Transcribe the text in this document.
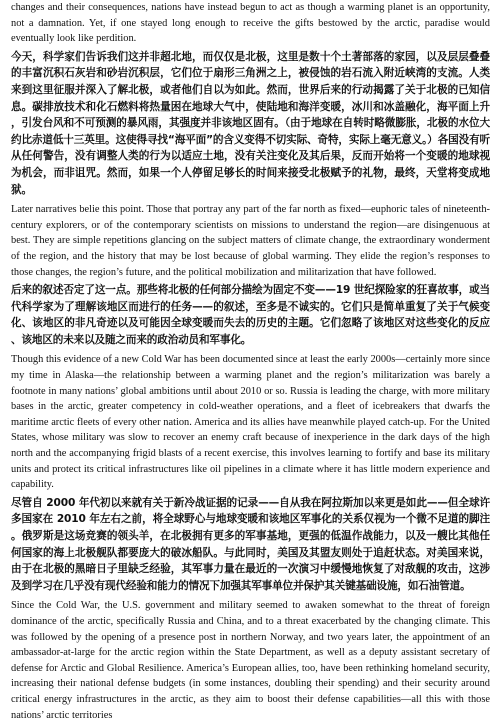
changes and their consequences, nations have instead begun to act as though a warming planet is an opportunity, not a damnation. Yet, if one stayed long enough to receive the gifts bestowed by the arctic, paradise would eventually look like perdition.

今天，科学家们告诉我们这并非超北地，而仅仅是北极，这里是数十个土著部落的家园，以及层层叠叠的丰富沉积石灰岩和砂岩沉积层，它们位于扇形三角洲之上，被侵蚀的岩石流入附近峡湾的支流。人类来到这里征服并深入了解北极，或者他们自以为如此。然而，世界后来的行动揭露了关于北极的已知信息。碳排放技术和化石燃料将热量困在地球大气中，使陆地和海洋变暖，冰川和冰盖融化，海平面上升，引发台风和不可预测的暴风雨，其强度并非该地区固有。（由于地球在自转时略微膨胀，北极的水位大约比赤道低十三英里。这使得寻找“海平面”的含义变得不切实际、奇特，实际上毫无意义。）各国没有听从任何警告，没有调整人类的行为以适应土地，没有关注变化及其后果，反而开始将一个变暖的地球视为机会，而非诅咒。然而，如果一个人停留足够长的时间来接受北极赋予的礼物，最终，天堂将变成地狱。

Later narratives belie this point. Those that portray any part of the far north as fixed—euphoric tales of nineteenth-century explorers, or of the contemporary scientists on missions to understand the region—are disingenuous at best. They are simple repetitions glancing on the subject matters of climate change, the extraordinary wonderment of the region, and the history that may be lost because of global warming. They elide the region’s responses to those changes, the region’s future, and the political mobilization and militarization that have followed.

后来的叙述否定了这一点。那些将北极的任何部分描绘为固定不变——19 世纪探险家的狂喜故事，或当代科学家为了理解该地区而进行的任务——的叙述，至多是不诚实的。它们只是简单重复了关于气候变化、该地区的非凡奇迹以及可能因全球变暖而失去的历史的主题。它们忽略了该地区对这些变化的反应、该地区的未来以及随之而来的政治动员和军事化。

Though this evidence of a new Cold War has been documented since at least the early 2000s—certainly more since my time in Alaska—the relationship between a warming planet and the region’s militarization was barely a footnote in many nations’ global ambitions until about 2010 or so. Russia is leading the charge, with more military bases in the arctic, greater competency in cold-weather operations, and a fleet of icebreakers that dwarfs the maritime arctic fleets of every other nation. America and its allies have meanwhile played catch-up. For the United States, whose military was slow to recover an enemy craft because of inexperience in the dark days of the high north and the accompanying frigid blasts of a recent exercise, this involves learning to fortify and base its military units and protect its critical infrastructures like oil pipelines in a climate where it has little modern experience and capability.

尽管自 2000 年代初以来就有关于新冷战证据的记录——自从我在阿拉斯加以来更是如此——但全球许多国家在 2010 年左右之前，将全球野心与地球变暖和该地区军事化的关系仅视为一个微不足道的脚注。俄罗斯是这场竞赛的领头羊，在北极拥有更多的军事基地，更强的低温作战能力，以及一艘比其他任何国家的海上北极舰队都要庞大的破冰船队。与此同时，美国及其盟友则处于追赶状态。对美国来说，由于在北极的黑暗日子里缺乏经验，其军事力量在最近的一次演习中缓慢地恢复了对敌舰的攻击，这涉及到学习在几乎没有现代经验和能力的情况下加强其军事单位并保护其关键基础设施，如石油管道。

Since the Cold War, the U.S. government and military seemed to awaken somewhat to the threat of foreign dominance of the arctic, specifically Russia and China, and to a threat exacerbated by the changing climate. This was followed by the opening of a presence post in northern Norway, and two years later, the appointment of an ambassador-at-large for the arctic region within the State Department, as well as a deputy assistant secretary of defense for Arctic and Global Resilience. America’s European allies, too, have been rethinking homeland security, increasing their national defense budgets (in some instances, doubling their spending) and their security around critical energy infrastructures in the arctic, as they aim to boost their defense capabilities—all this with those nations’ arctic territories
